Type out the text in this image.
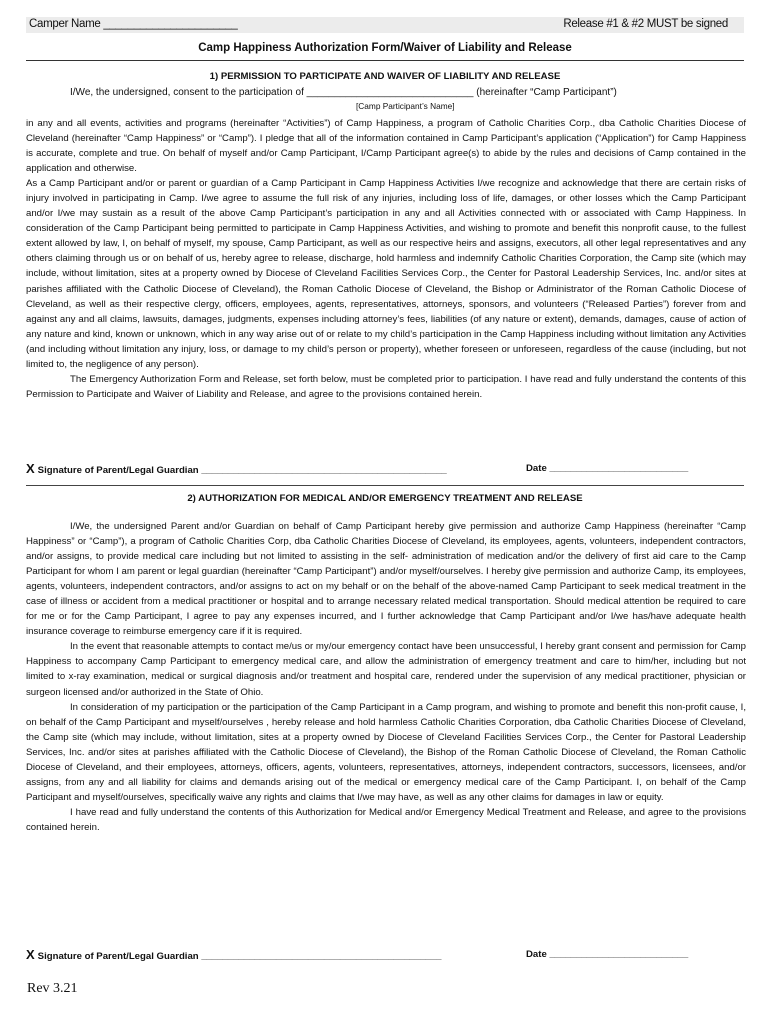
Camper Name ______________________	Release #1 & #2 MUST be signed
Camp Happiness Authorization Form/Waiver of Liability and Release
1) PERMISSION TO PARTICIPATE AND WAIVER OF LIABILITY AND RELEASE
I/We, the undersigned, consent to the participation of ______________________________ (hereinafter “Camp Participant”)
[Camp Participant’s Name]

in any and all events, activities and programs (hereinafter “Activities”) of Camp Happiness, a program of Catholic Charities Corp., dba Catholic Charities Diocese of Cleveland (hereinafter “Camp Happiness” or “Camp”). I pledge that all of the information contained in Camp Participant’s application (“Application”) for Camp Happiness is accurate, complete and true. On behalf of myself and/or Camp Participant, I/Camp Participant agree(s) to abide by the rules and decisions of Camp contained in the application and otherwise.

As a Camp Participant and/or or parent or guardian of a Camp Participant in Camp Happiness Activities I/we recognize and acknowledge that there are certain risks of injury involved in participating in Camp. I/we agree to assume the full risk of any injuries, including loss of life, damages, or other losses which the Camp Participant and/or I/we may sustain as a result of the above Camp Participant’s participation in any and all Activities connected with or associated with Camp Happiness. In consideration of the Camp Participant being permitted to participate in Camp Happiness Activities, and wishing to promote and benefit this nonprofit cause, to the fullest extent allowed by law, I, on behalf of myself, my spouse, Camp Participant, as well as our respective heirs and assigns, executors, all other legal representatives and any others claiming through us or on behalf of us, hereby agree to release, discharge, hold harmless and indemnify Catholic Charities Corporation, the Camp site (which may include, without limitation, sites at a property owned by Diocese of Cleveland Facilities Services Corp., the Center for Pastoral Leadership Services, Inc. and/or sites at parishes affiliated with the Catholic Diocese of Cleveland), the Roman Catholic Diocese of Cleveland, the Bishop or Administrator of the Roman Catholic Diocese of Cleveland, as well as their respective clergy, officers, employees, agents, representatives, attorneys, sponsors, and volunteers (“Released Parties”) forever from and against any and all claims, lawsuits, damages, judgments, expenses including attorney’s fees, liabilities (of any nature or extent), demands, damages, cause of action of any nature and kind, known or unknown, which in any way arise out of or relate to my child’s participation in the Camp Happiness including without limitation any Activities (and including without limitation any injury, loss, or damage to my child’s person or property), whether foreseen or unforeseen, regardless of the cause (including, but not limited to, the negligence of any person).

The Emergency Authorization Form and Release, set forth below, must be completed prior to participation. I have read and fully understand the contents of this Permission to Participate and Waiver of Liability and Release, and agree to the provisions contained herein.

X Signature of Parent/Legal Guardian ______________________________________________	Date __________________________
2) AUTHORIZATION FOR MEDICAL AND/OR EMERGENCY TREATMENT AND RELEASE

I/We, the undersigned Parent and/or Guardian on behalf of Camp Participant hereby give permission and authorize Camp Happiness (hereinafter “Camp Happiness” or “Camp”), a program of Catholic Charities Corp, dba Catholic Charities Diocese of Cleveland, its employees, agents, volunteers, independent contractors, and/or assigns, to provide medical care including but not limited to assisting in the self- administration of medication and/or the delivery of first aid care to the Camp Participant for whom I am parent or legal guardian (hereinafter “Camp Participant”) and/or myself/ourselves. I hereby give permission and authorize Camp, its employees, agents, volunteers, independent contractors, and/or assigns to act on my behalf or on the behalf of the above-named Camp Participant to seek medical treatment in the case of illness or accident from a medical practitioner or hospital and to arrange necessary related medical transportation. Should medical attention be required to care for me or for the Camp Participant, I agree to pay any expenses incurred, and I further acknowledge that Camp Participant and/or I/we has/have adequate health insurance coverage to reimburse emergency care if it is required.

In the event that reasonable attempts to contact me/us or my/our emergency contact have been unsuccessful, I hereby grant consent and permission for Camp Happiness to accompany Camp Participant to emergency medical care, and allow the administration of emergency treatment and care to him/her, including but not limited to x-ray examination, medical or surgical diagnosis and/or treatment and hospital care, rendered under the supervision of any medical practitioner, physician or surgeon licensed and/or authorized in the State of Ohio.

In consideration of my participation or the participation of the Camp Participant in a Camp program, and wishing to promote and benefit this non-profit cause, I, on behalf of the Camp Participant and myself/ourselves , hereby release and hold harmless Catholic Charities Corporation, dba Catholic Charities Diocese of Cleveland, the Camp site (which may include, without limitation, sites at a property owned by Diocese of Cleveland Facilities Services Corp., the Center for Pastoral Leadership Services, Inc. and/or sites at parishes affiliated with the Catholic Diocese of Cleveland), the Bishop of the Roman Catholic Diocese of Cleveland, the Roman Catholic Diocese of Cleveland, and their employees, attorneys, officers, agents, volunteers, representatives, attorneys, independent contractors, successors, licensees, and/or assigns, from any and all liability for claims and demands arising out of the medical or emergency medical care of the Camp Participant. I, on behalf of the Camp Participant and myself/ourselves, specifically waive any rights and claims that I/we may have, as well as any other claims for damages in law or equity.

I have read and fully understand the contents of this Authorization for Medical and/or Emergency Medical Treatment and Release, and agree to the provisions contained herein.

X Signature of Parent/Legal Guardian _____________________________________________	Date __________________________
Rev 3.21
